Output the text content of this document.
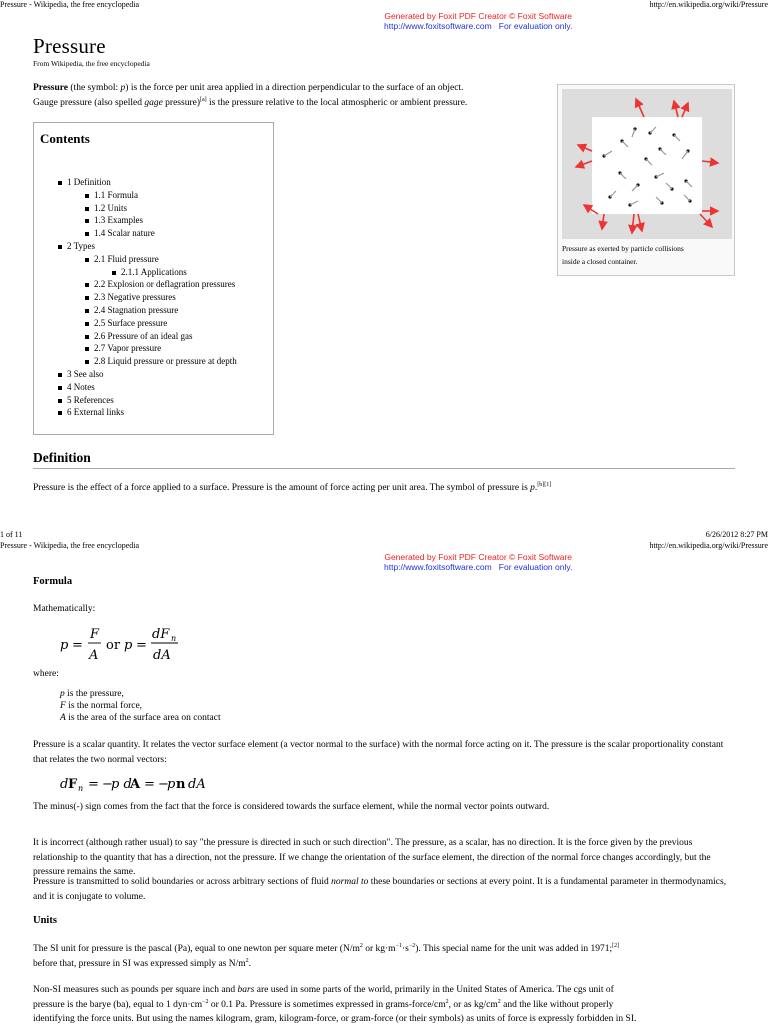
Pressure - Wikipedia, the free encyclopedia	http://en.wikipedia.org/wiki/Pressure
Generated by Foxit PDF Creator © Foxit Software
http://www.foxitsoftware.com For evaluation only.
Pressure
From Wikipedia, the free encyclopedia
Pressure (the symbol: p) is the force per unit area applied in a direction perpendicular to the surface of an object.
Gauge pressure (also spelled gage pressure)[a] is the pressure relative to the local atmospheric or ambient pressure.
Contents
1 Definition
1.1 Formula
1.2 Units
1.3 Examples
1.4 Scalar nature
2 Types
2.1 Fluid pressure
2.1.1 Applications
2.2 Explosion or deflagration pressures
2.3 Negative pressures
2.4 Stagnation pressure
2.5 Surface pressure
2.6 Pressure of an ideal gas
2.7 Vapor pressure
2.8 Liquid pressure or pressure at depth
3 See also
4 Notes
5 References
6 External links
Pressure as exerted by particle collisions
inside a closed container.
Definition
Pressure is the effect of a force applied to a surface. Pressure is the amount of force acting per unit area. The symbol of pressure is p.[b][1]
1 of 11	6/26/2012 8:27 PM
Pressure - Wikipedia, the free encyclopedia	http://en.wikipedia.org/wiki/Pressure
Generated by Foxit PDF Creator © Foxit Software
http://www.foxitsoftware.com For evaluation only.
Formula
Mathematically:
p =
F
A
or p =
dF n
dA
where:
p is the pressure,
F is the normal force,
A is the area of the surface area on contact
Pressure is a scalar quantity. It relates the vector surface element (a vector normal to the surface) with the normal force acting on it. The pressure is the scalar proportionality constant that relates the two normal vectors:
d F n = −
p d
A = −
p n dA
The minus(-) sign comes from the fact that the force is considered towards the surface element, while the normal vector points outward.
It is incorrect (although rather usual) to say "the pressure is directed in such or such direction". The pressure, as a scalar, has no direction. It is the force given by the previous relationship to the quantity that has a direction, not the pressure. If we change the orientation of the surface element, the direction of the normal force changes accordingly, but the pressure remains the same.
Pressure is transmitted to solid boundaries or across arbitrary sections of fluid normal to these boundaries or sections at every point. It is a fundamental parameter in thermodynamics, and it is conjugate to volume.
Units
The SI unit for pressure is the pascal (Pa), equal to one newton per square meter ($N/m^2$ or $kg\cdot m^{-1}\cdot s^{-2}$). This special name for the unit was added in 1971;[2]
before that, pressure in SI was expressed simply as $N/m^2$.
Non-SI measures such as pounds per square inch and bars are used in some parts of the world, primarily in the United States of America. The cgs unit of
pressure is the barye (ba), equal to 1 $dyn\cdot cm^{-2}$ or 0.1 Pa. Pressure is sometimes expressed in grams-$force/cm^2$, or as $kg/cm^2$ and the like without properly
identifying the force units. But using the names kilogram, gram, kilogram-force, or gram-force (or their symbols) as units of force is expressly forbidden in SI.
